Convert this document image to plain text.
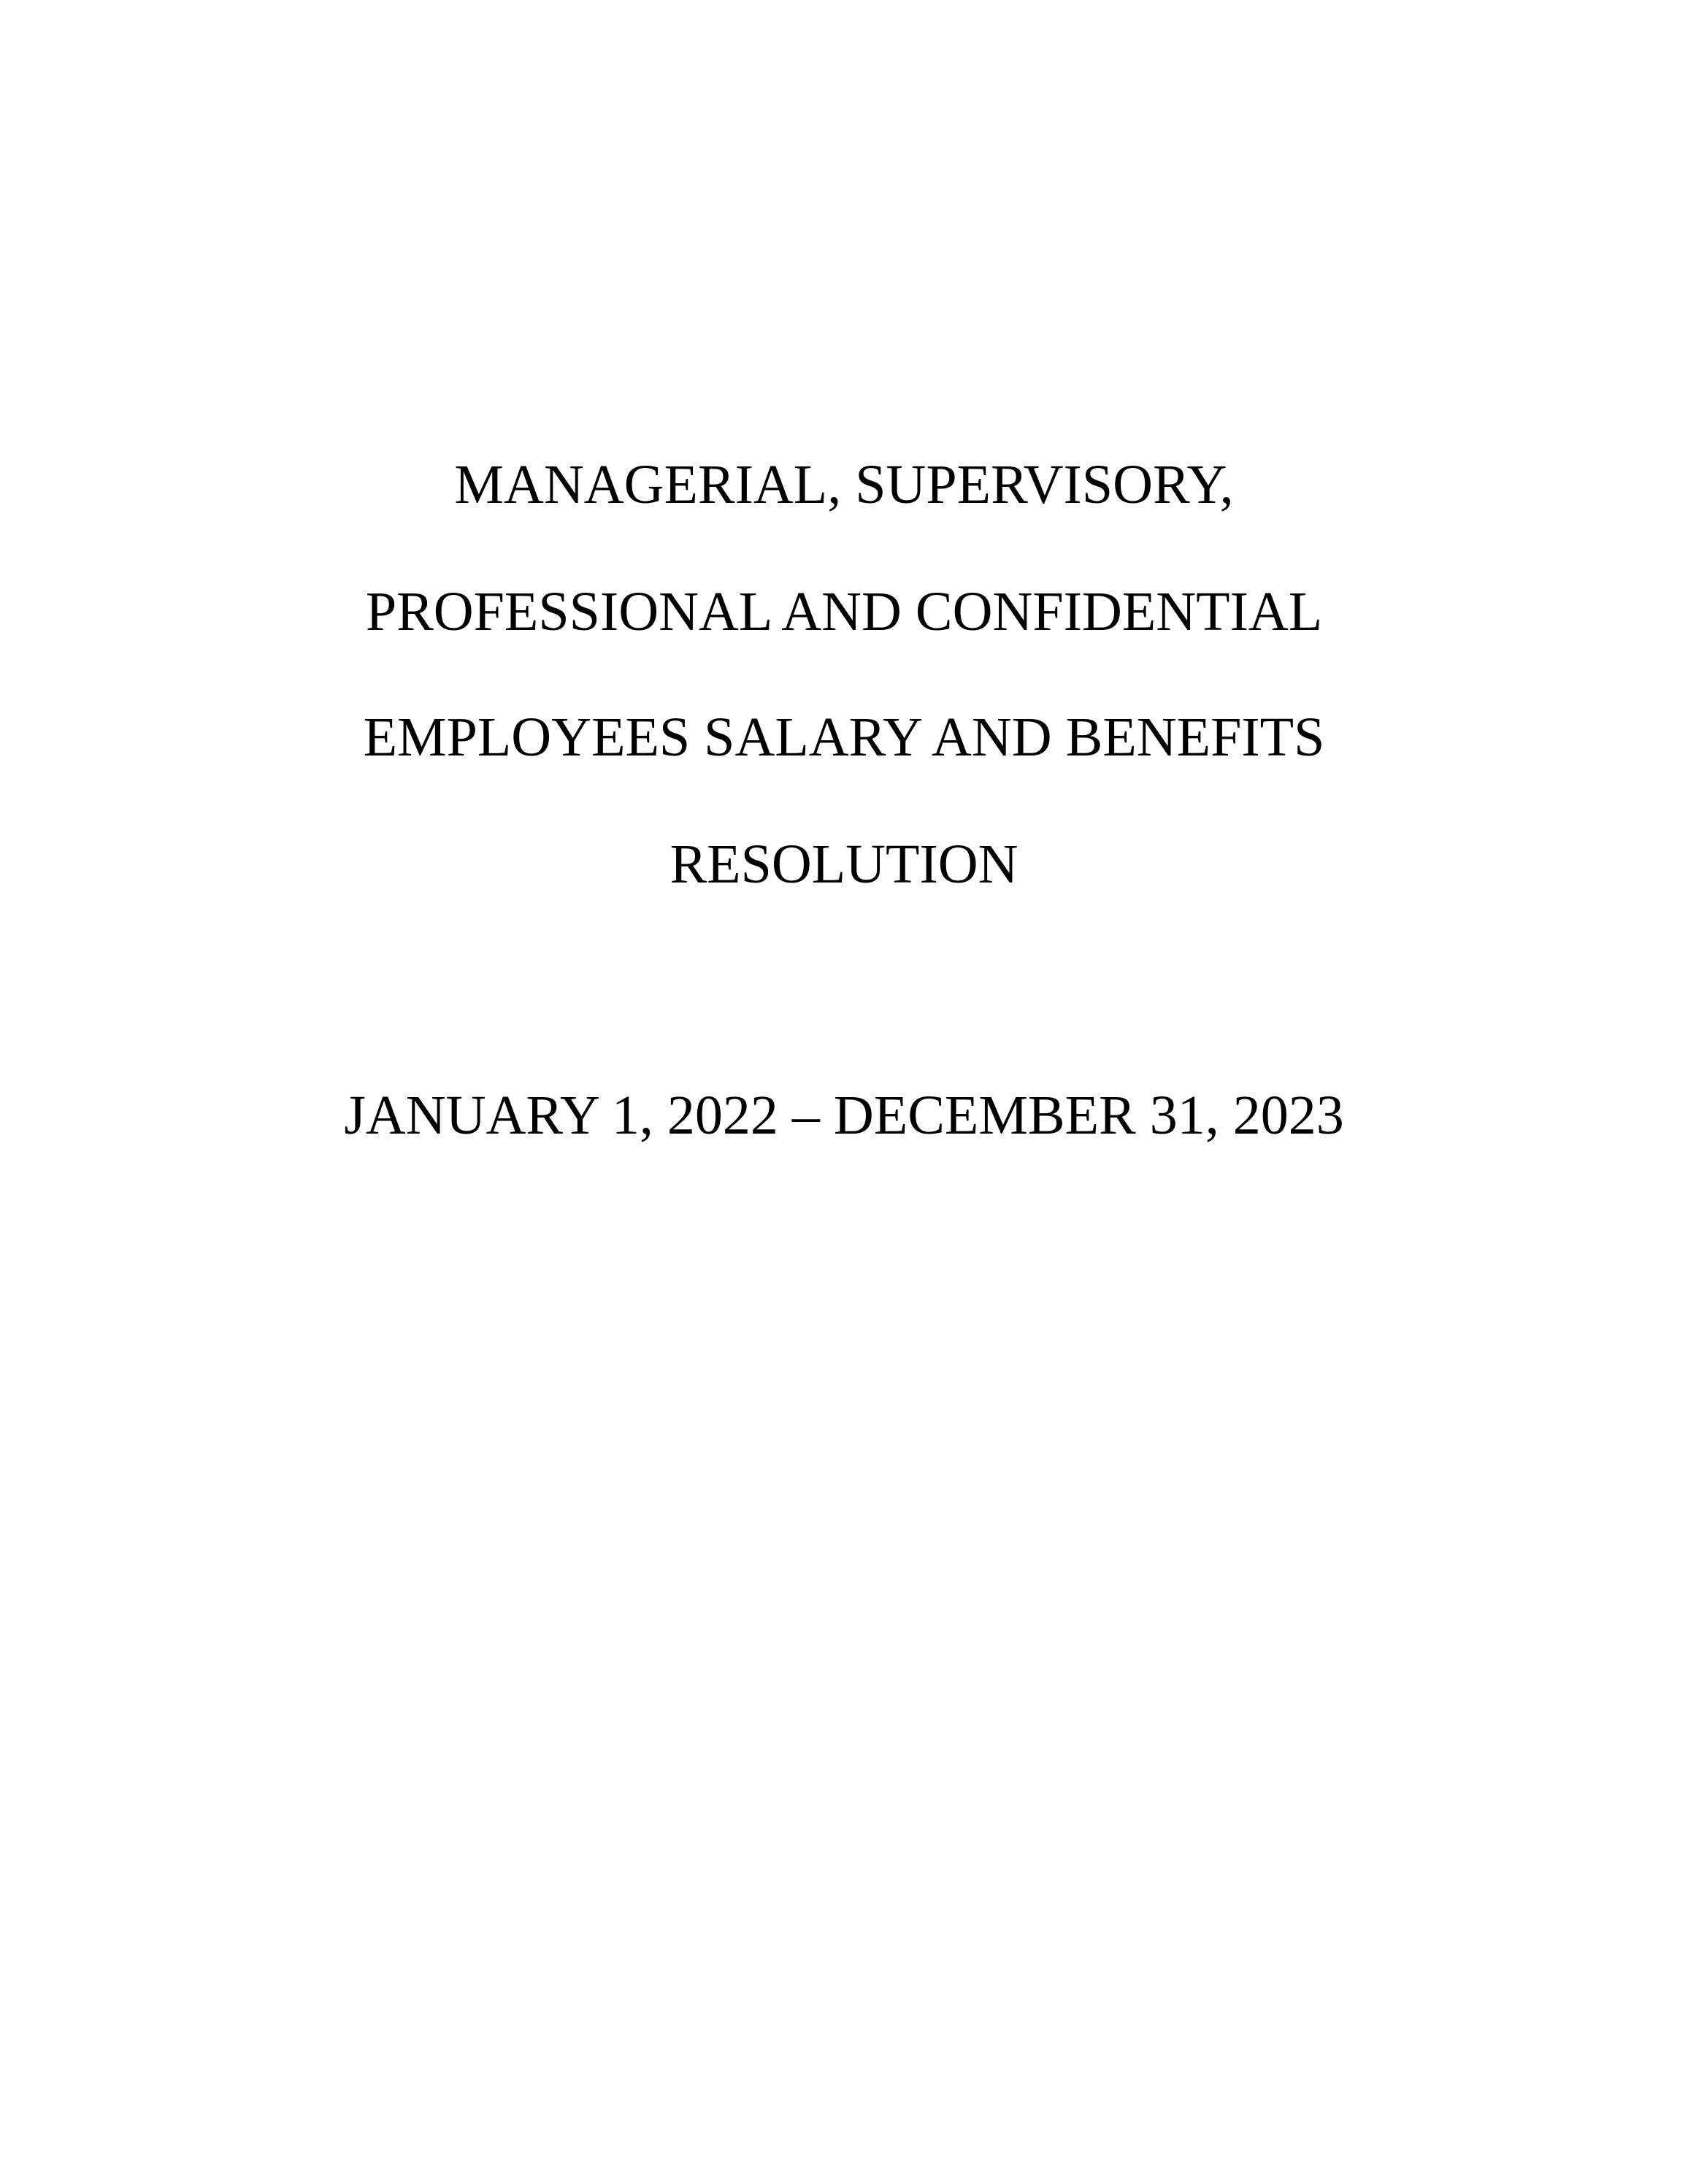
MANAGERIAL, SUPERVISORY,
PROFESSIONAL AND CONFIDENTIAL
EMPLOYEES SALARY AND BENEFITS
RESOLUTION
JANUARY 1, 2022 – DECEMBER 31, 2023
